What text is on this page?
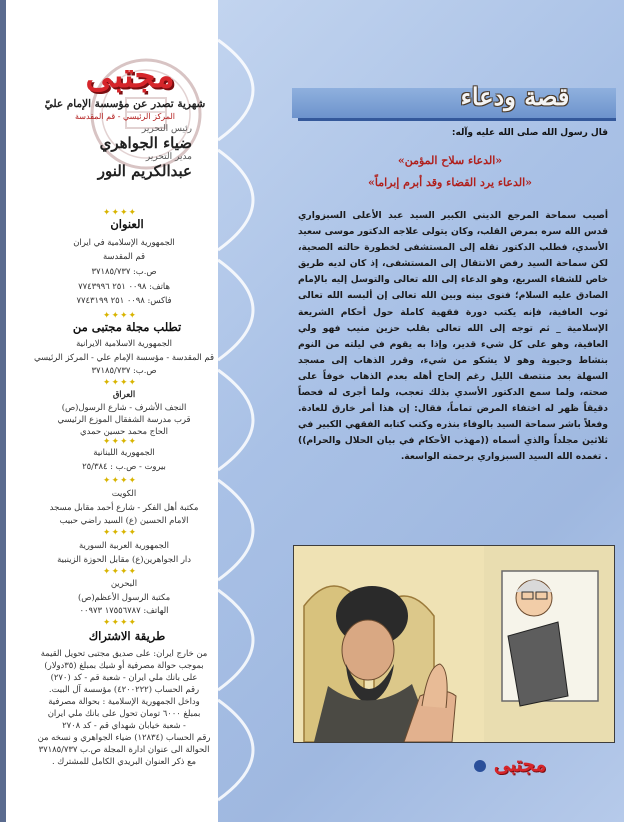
مجتبى
شهرية تصدر عن مؤسسة الإمام عليّ
المركز الرئيسي - قم المقدسة
رئيس التحرير
ضياء الجواهري
مدير التحرير
عبدالكريم النور
✦✦✦✦
العنوان
الجمهورية الإسلامية في ايران
قم المقدسة
ص.ب: ٣٧١٨٥/٧٣٧
هاتف: ٠٠٩٨ ٢٥١ ٧٧٤٣٩٩٦
فاكس: ٠٠٩٨ ٢٥١ ٧٧٤٣١٩٩
✦✦✦✦
تطلب مجلة مجتبى من
الجمهورية الاسلامية الايرانية
قم المقدسة - مؤسسة الإمام علي - المركز الرئيسي
ص.ب: ٣٧١٨٥/٧٣٧
✦✦✦✦
العراق
النجف الأشرف - شارع الرسول(ص)
قرب مدرسة الشفقال الموزع الرئيسي
الحاج محمد حسين حمدي
✦✦✦✦
الجمهورية اللبنانية
بيروت - ص.ب : ٢٥/٣٨٤
✦✦✦✦
الكويت
مكتبة أهل الفكر - شارع أحمد مقابل مسجد
الامام الحسين (ع) السيد راضي حبيب
✦✦✦✦
الجمهورية العربية السورية
دار الجواهرين(ع) مقابل الحوزة الزينبية
✦✦✦✦
البحرين
مكتبة الرسول الأعظم(ص)
الهاتف: ١٧٥٥٦٧٨٧ ٠٠٩٧٣
✦✦✦✦
طريقة الاشتراك
من خارج ايران: على صديق مجتبى تحويل القيمة
بموجب حوالة مصرفية أو شيك بمبلغ (٣٥دولار)
على بانك ملي ايران - شعبة قم - كد (٢٧٠)
رقم الحساب (٤٢٠٠٢٢٢) مؤسسة آل البيت.
وداخل الجمهورية الإسلامية : بحوالة مصرفية
بمبلغ ٦٠٠٠ تومان تحول على بانك ملي ايران
- شعبة خيابان شهداي قم - كد ٢٧٠٨
رقم الحساب (١٢٨٣٤) ضياء الجواهري و نسخه من
الحوالة الى عنوان ادارة المجلة ص.ب ٣٧١٨٥/٧٣٧
مع ذكر العنوان البريدي الكامل للمشترك .
قصة ودعاء
قال رسول الله صلى الله عليه وآله:
«الدعاء سلاح المؤمن»
«الدعاء يرد القضاء وقد أبرم إبراماً»
أصيب سماحة المرجع الديني الكبير السيد عبد الأعلى السبزواري قدس الله سره بمرض القلب، وكان يتولى علاجه الدكتور موسى سعيد الأسدي، فطلب الدكتور نقله إلى المستشفى لخطورة حالته الصحية، لكن سماحة السيد رفض الانتقال إلى المستشفى، إذ كان لديه طريق خاص للشفاء السريع، وهو الدعاء إلى الله تعالى والتوسل إليه بالإمام الصادق عليه السلام؛ فنوى بينه وبين الله تعالى إن ألبسه الله تعالى ثوب العافية، فإنه يكتب دورة فقهية كاملة حول أحكام الشريعة الإسلامية _ ثم توجه إلى الله تعالى بقلب حزين منيب فهو ولي العافية، وهو على كل شيء قدير، وإذا به يقوم في ليلته من النوم بنشاط وحيوية وهو لا يشكو من شيء، وقرر الذهاب إلى مسجد السهلة بعد منتصف الليل رغم إلحاح أهله بعدم الذهاب خوفاً على صحته، ولما سمع الدكتور الأسدي بذلك تعجب، ولما أجرى له فحصاً دقيقاً ظهر له اختفاء المرض تماماً، فقال: إن هذا أمر خارق للعادة. وفعلاً باشر سماحة السيد بالوفاء بنذره وكتب كتابه الفقهي الكبير في ثلاثين مجلداً والذي أسماه ((مهذب الأحكام في بيان الحلال والحرام)) . تغمده الله السيد السبزواري برحمته الواسعة.
مجتبى
